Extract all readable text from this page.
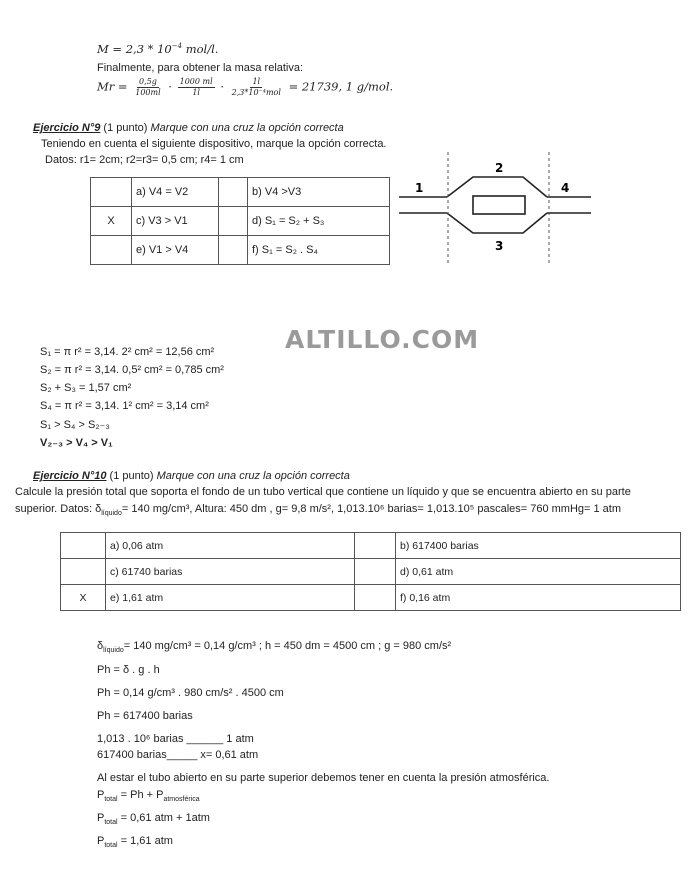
$M = 2,3 * 10^{-4}$ mol/l.
Finalmente, para obtener la masa relativa:
$Mr = \frac{0,5g}{100ml} \cdot \frac{1000 ml}{1l} \cdot \frac{1l}{\text{2,3*10⁻⁴mol}} = 21739$, 1 g/mol.
Ejercicio N°9 (1 punto) Marque con una cruz la opción correcta
Teniendo en cuenta el siguiente dispositivo, marque la opción correcta.
Datos: r1= 2cm; r2=r3= 0,5 cm; r4= 1 cm
	a) V4 = V2		b) V4 >V3
X	c) V3 > V1		d) S₁ = S₂ + S₃
	e) V1 > V4		f) S₁ = S₂ . S₄
1
2
3
4
ALTILLO.COM
S₁ = π r² = 3,14. 2² cm² = 12,56 cm²
S₂ = π r² = 3,14. 0,5² cm² = 0,785 cm²
S₂ + S₃ = 1,57 cm²
S₄ = π r² = 3,14. 1² cm² = 3,14 cm²
S₁ > S₄ > S₂₋₃
V₂₋₃ > V₄ > V₁
Ejercicio N°10 (1 punto) Marque con una cruz la opción correcta
Calcule la presión total que soporta el fondo de un tubo vertical que contiene un líquido y que se encuentra abierto en su parte
superior. Datos: $\delta_{líquido}= 140$ mg/cm³, Altura: 450 dm , g= 9,8 m/s², 1,013.10⁶ barias= 1,013.10⁵ pascales= 760 mmHg= 1 atm
	a) 0,06 atm		b) 617400 barias
	c) 61740 barias		d) 0,61 atm
X	e) 1,61 atm		f) 0,16 atm
$\delta_{líquido}= 140$ mg/cm³ = 0,14 g/cm³ ; h = 450 dm = 4500 cm ; g = 980 cm/s²
Ph = δ . g . h
Ph = 0,14 g/cm³ . 980 cm/s² . 4500 cm
Ph = 617400 barias
1,013 . 10⁶ barias ______ 1 atm
617400 barias_____ x= 0,61 atm
Al estar el tubo abierto en su parte superior debemos tener en cuenta la presión atmosférica.
$P_{total} = Ph + P_{atmosférica}$
$P_{total} = 0,61$ atm + 1atm
$P_{total} = 1,61$ atm
